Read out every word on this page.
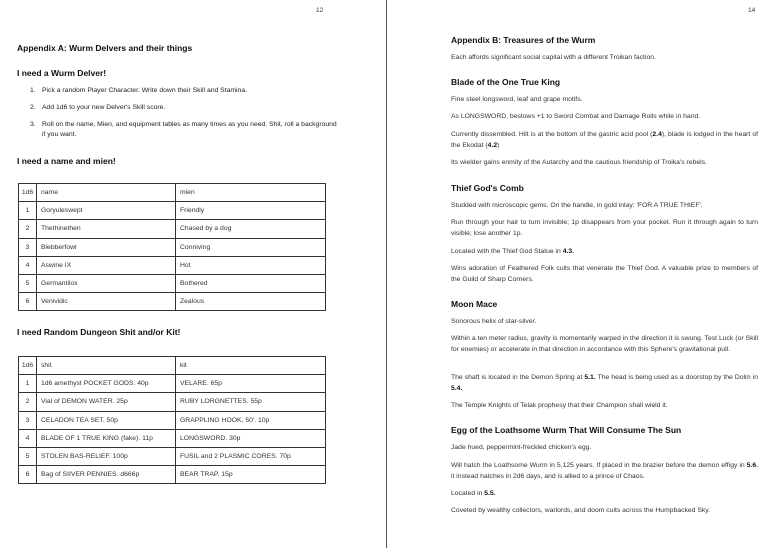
12
Appendix A: Wurm Delvers and their things
I need a Wurm Delver!
1. Pick a random Player Character. Write down their Skill and Stamina.
2. Add 1d6 to your new Delver's Skill score.
3. Roll on the name, Mien, and equipment tables as many times as you need. Shit, roll a background if you want.
I need a name and mien!
1d6	name	mien
1	Goryuleswept	Friendly
2	Thethinethen	Chased by a dog
3	Blebberfowl	Conniving
4	Aswine IX	Hot
5	Germantilox	Bothered
6	Venividic	Zealous
I need Random Dungeon Shit and/or Kit!
1d6	shit	kit
1	1d6 amethyst POCKET GODS. 40p	VELARE. 65p
2	Vial of DEMON WATER. 25p	RUBY LORGNETTES. 55p
3	CELADON TEA SET. 50p	GRAPPLING HOOK, 50'. 10p
4	BLADE OF 1 TRUE KING (fake). 11p	LONGSWORD. 30p
5	STOLEN BAS-RELIEF. 100p	FUSIL and 2 PLASMIC CORES. 70p
6	Bag of SIIVER PENNIES. d666p	BEAR TRAP. 15p
14
Appendix B: Treasures of the Wurm

Each affords significant social capital with a different Troikan faction.

Blade of the One True King

Fine steel longsword, leaf and grape motifs.

As LONGSWORD, bestows +1 to Sword Combat and Damage Rolls while in hand.

Currently dissembled. Hilt is at the bottom of the gastric acid pool (2.4), blade is lodged in the heart of the Ekodat (4.2)

Its wielder gains enmity of the Autarchy and the cautious friendship of Troika's rebels.

Thief God's Comb

Studded with microscopic gems. On the handle, in gold inlay: 'FOR A TRUE THIEF'.

Run through your hair to turn invisible; 1p disappears from your pocket. Run it through again to turn visible; lose another 1p.

Located with the Thief God Statue in 4.3.

Wins adoration of Feathered Folk cults that venerate the Thief God. A valuable prize to members of the Guild of Sharp Corners.

Moon Mace

Sonorous helix of star-silver.

Within a ten meter radius, gravity is momentarily warped in the direction it is swung. Test Luck (or Skill for enemies) or accelerate in that direction in accordance with this Sphere's gravitational pull.

The shaft is located in the Demon Spring at 5.1. The head is being used as a doorstop by the Dolm in 5.4.

The Temple Knights of Telak prophesy that their Champion shall wield it.

Egg of the Loathsome Wurm That Will Consume The Sun

Jade hued, peppermint-freckled chicken's egg.

Will hatch the Loathsome Wurm in 5,125 years. If placed in the brazier before the demon effigy in 5.6, it instead hatches in 2d6 days, and is allied to a prince of Chaos.

Located in 5.5.

Coveted by wealthy collectors, warlords, and doom cults across the Humpbacked Sky.
